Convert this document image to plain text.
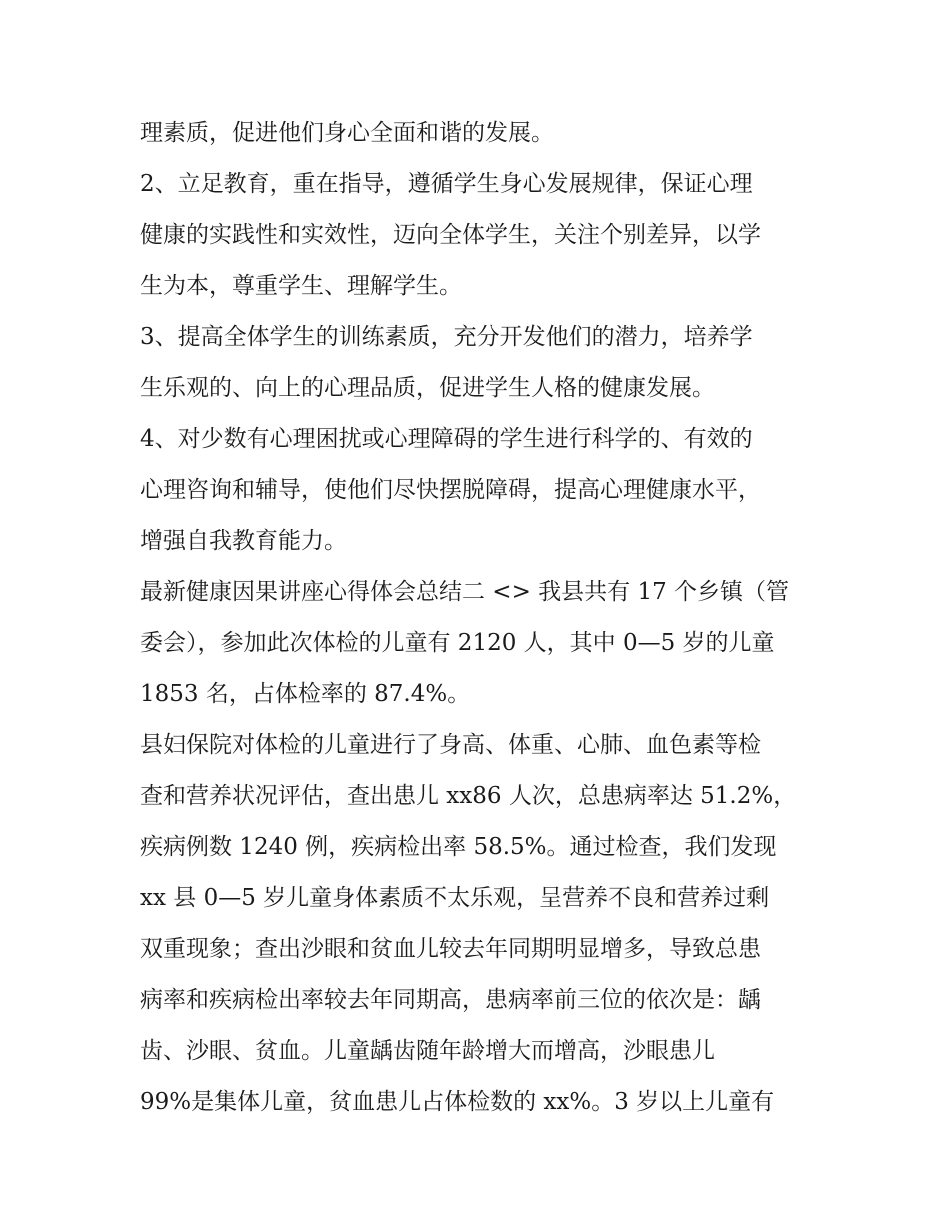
理素质，促进他们身心全面和谐的发展。
2、立足教育，重在指导，遵循学生身心发展规律，保证心理
健康的实践性和实效性，迈向全体学生，关注个别差异，以学
生为本，尊重学生、理解学生。
3、提高全体学生的训练素质，充分开发他们的潜力，培养学
生乐观的、向上的心理品质，促进学生人格的健康发展。
4、对少数有心理困扰或心理障碍的学生进行科学的、有效的
心理咨询和辅导，使他们尽快摆脱障碍，提高心理健康水平，
增强自我教育能力。
最新健康因果讲座心得体会总结二 <> 我县共有 17 个乡镇（管
委会），参加此次体检的儿童有 2120 人，其中 0—5 岁的儿童
1853 名，占体检率的 87.4%。
县妇保院对体检的儿童进行了身高、体重、心肺、血色素等检
查和营养状况评估，查出患儿 xx86 人次，总患病率达 51.2%，
疾病例数 1240 例，疾病检出率 58.5%。通过检查，我们发现
xx 县 0—5 岁儿童身体素质不太乐观，呈营养不良和营养过剩
双重现象；查出沙眼和贫血儿较去年同期明显增多，导致总患
病率和疾病检出率较去年同期高，患病率前三位的依次是：龋
齿、沙眼、贫血。儿童龋齿随年龄增大而增高，沙眼患儿
99%是集体儿童，贫血患儿占体检数的 xx%。3 岁以上儿童有
